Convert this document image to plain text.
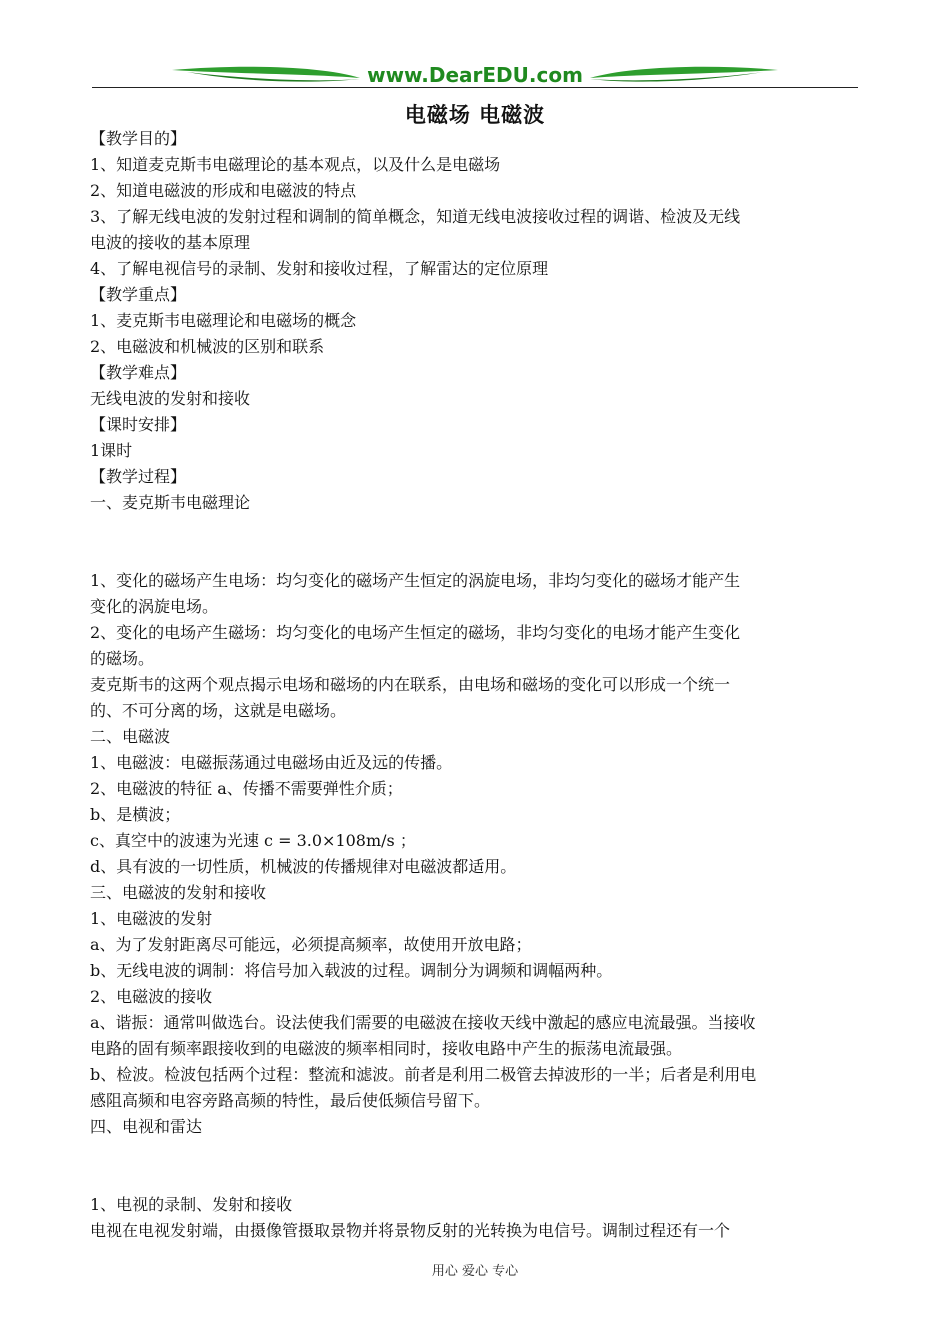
www.DearEDU.com
电磁场 电磁波
【教学目的】
1、知道麦克斯韦电磁理论的基本观点，以及什么是电磁场
2、知道电磁波的形成和电磁波的特点
3、了解无线电波的发射过程和调制的简单概念，知道无线电波接收过程的调谐、检波及无线
电波的接收的基本原理
4、了解电视信号的录制、发射和接收过程，了解雷达的定位原理
【教学重点】
1、麦克斯韦电磁理论和电磁场的概念
2、电磁波和机械波的区别和联系
【教学难点】
无线电波的发射和接收
【课时安排】
1课时
【教学过程】
一、麦克斯韦电磁理论
1、变化的磁场产生电场：均匀变化的磁场产生恒定的涡旋电场，非均匀变化的磁场才能产生
变化的涡旋电场。
2、变化的电场产生磁场：均匀变化的电场产生恒定的磁场，非均匀变化的电场才能产生变化
的磁场。
麦克斯韦的这两个观点揭示电场和磁场的内在联系，由电场和磁场的变化可以形成一个统一
的、不可分离的场，这就是电磁场。
二、电磁波
1、电磁波：电磁振荡通过电磁场由近及远的传播。
2、电磁波的特征 a、传播不需要弹性介质；
b、是横波；
c、真空中的波速为光速 c = 3.0×108m/s ；
d、具有波的一切性质，机械波的传播规律对电磁波都适用。
三、电磁波的发射和接收
1、电磁波的发射
a、为了发射距离尽可能远，必须提高频率，故使用开放电路；
b、无线电波的调制：将信号加入载波的过程。调制分为调频和调幅两种。
2、电磁波的接收
a、谐振：通常叫做选台。设法使我们需要的电磁波在接收天线中激起的感应电流最强。当接收
电路的固有频率跟接收到的电磁波的频率相同时，接收电路中产生的振荡电流最强。
b、检波。检波包括两个过程：整流和滤波。前者是利用二极管去掉波形的一半；后者是利用电
感阻高频和电容旁路高频的特性，最后使低频信号留下。
四、电视和雷达
1、电视的录制、发射和接收
电视在电视发射端，由摄像管摄取景物并将景物反射的光转换为电信号。调制过程还有一个
用心 爱心 专心
